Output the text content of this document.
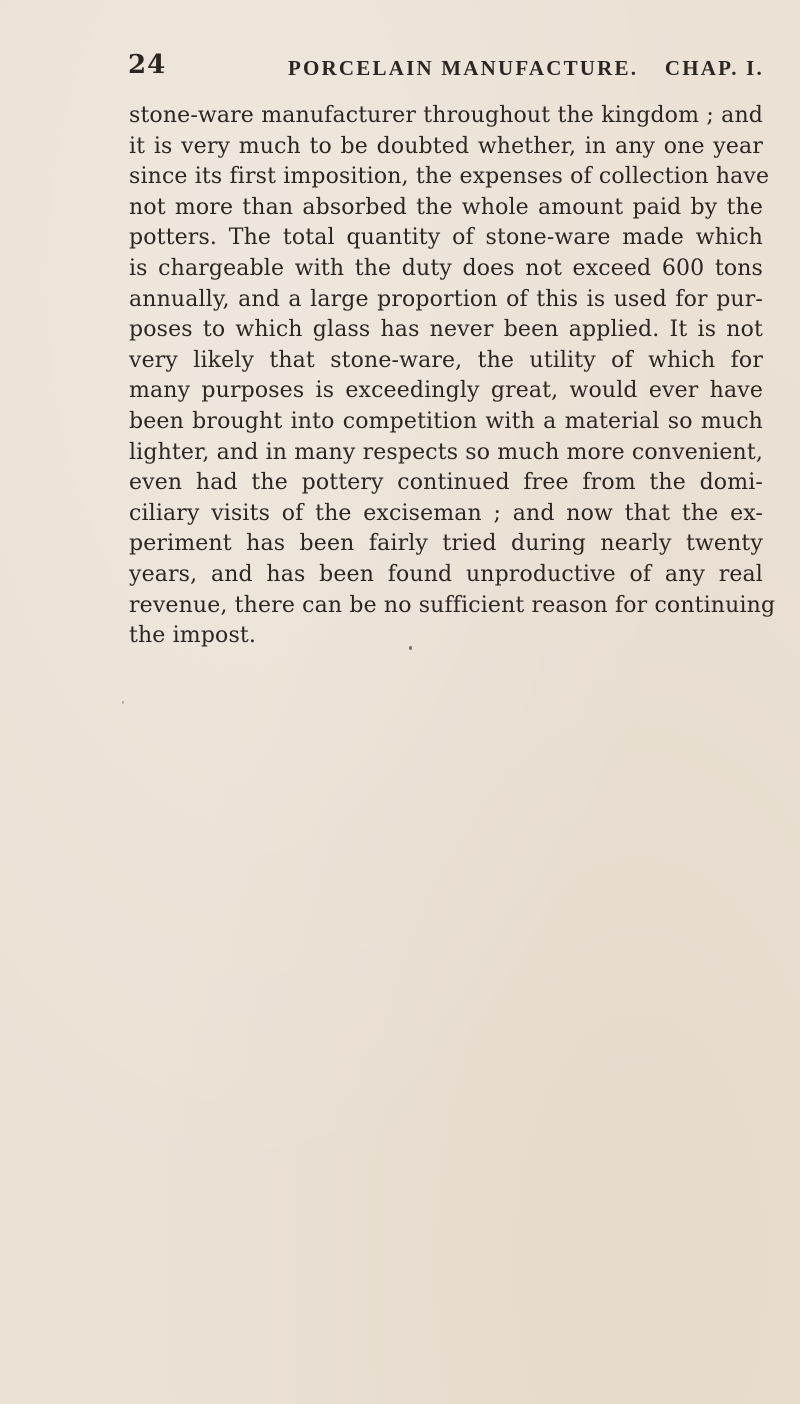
24	PORCELAIN MANUFACTURE. CHAP. I.
stone-ware manufacturer throughout the kingdom ; and
it is very much to be doubted whether, in any one year
since its first imposition, the expenses of collection have
not more than absorbed the whole amount paid by the
potters. The total quantity of stone-ware made which
is chargeable with the duty does not exceed 600 tons
annually, and a large proportion of this is used for pur-
poses to which glass has never been applied. It is not
very likely that stone-ware, the utility of which for
many purposes is exceedingly great, would ever have
been brought into competition with a material so much
lighter, and in many respects so much more convenient,
even had the pottery continued free from the domi-
ciliary visits of the exciseman ; and now that the ex-
periment has been fairly tried during nearly twenty
years, and has been found unproductive of any real
revenue, there can be no sufficient reason for continuing
the impost.
